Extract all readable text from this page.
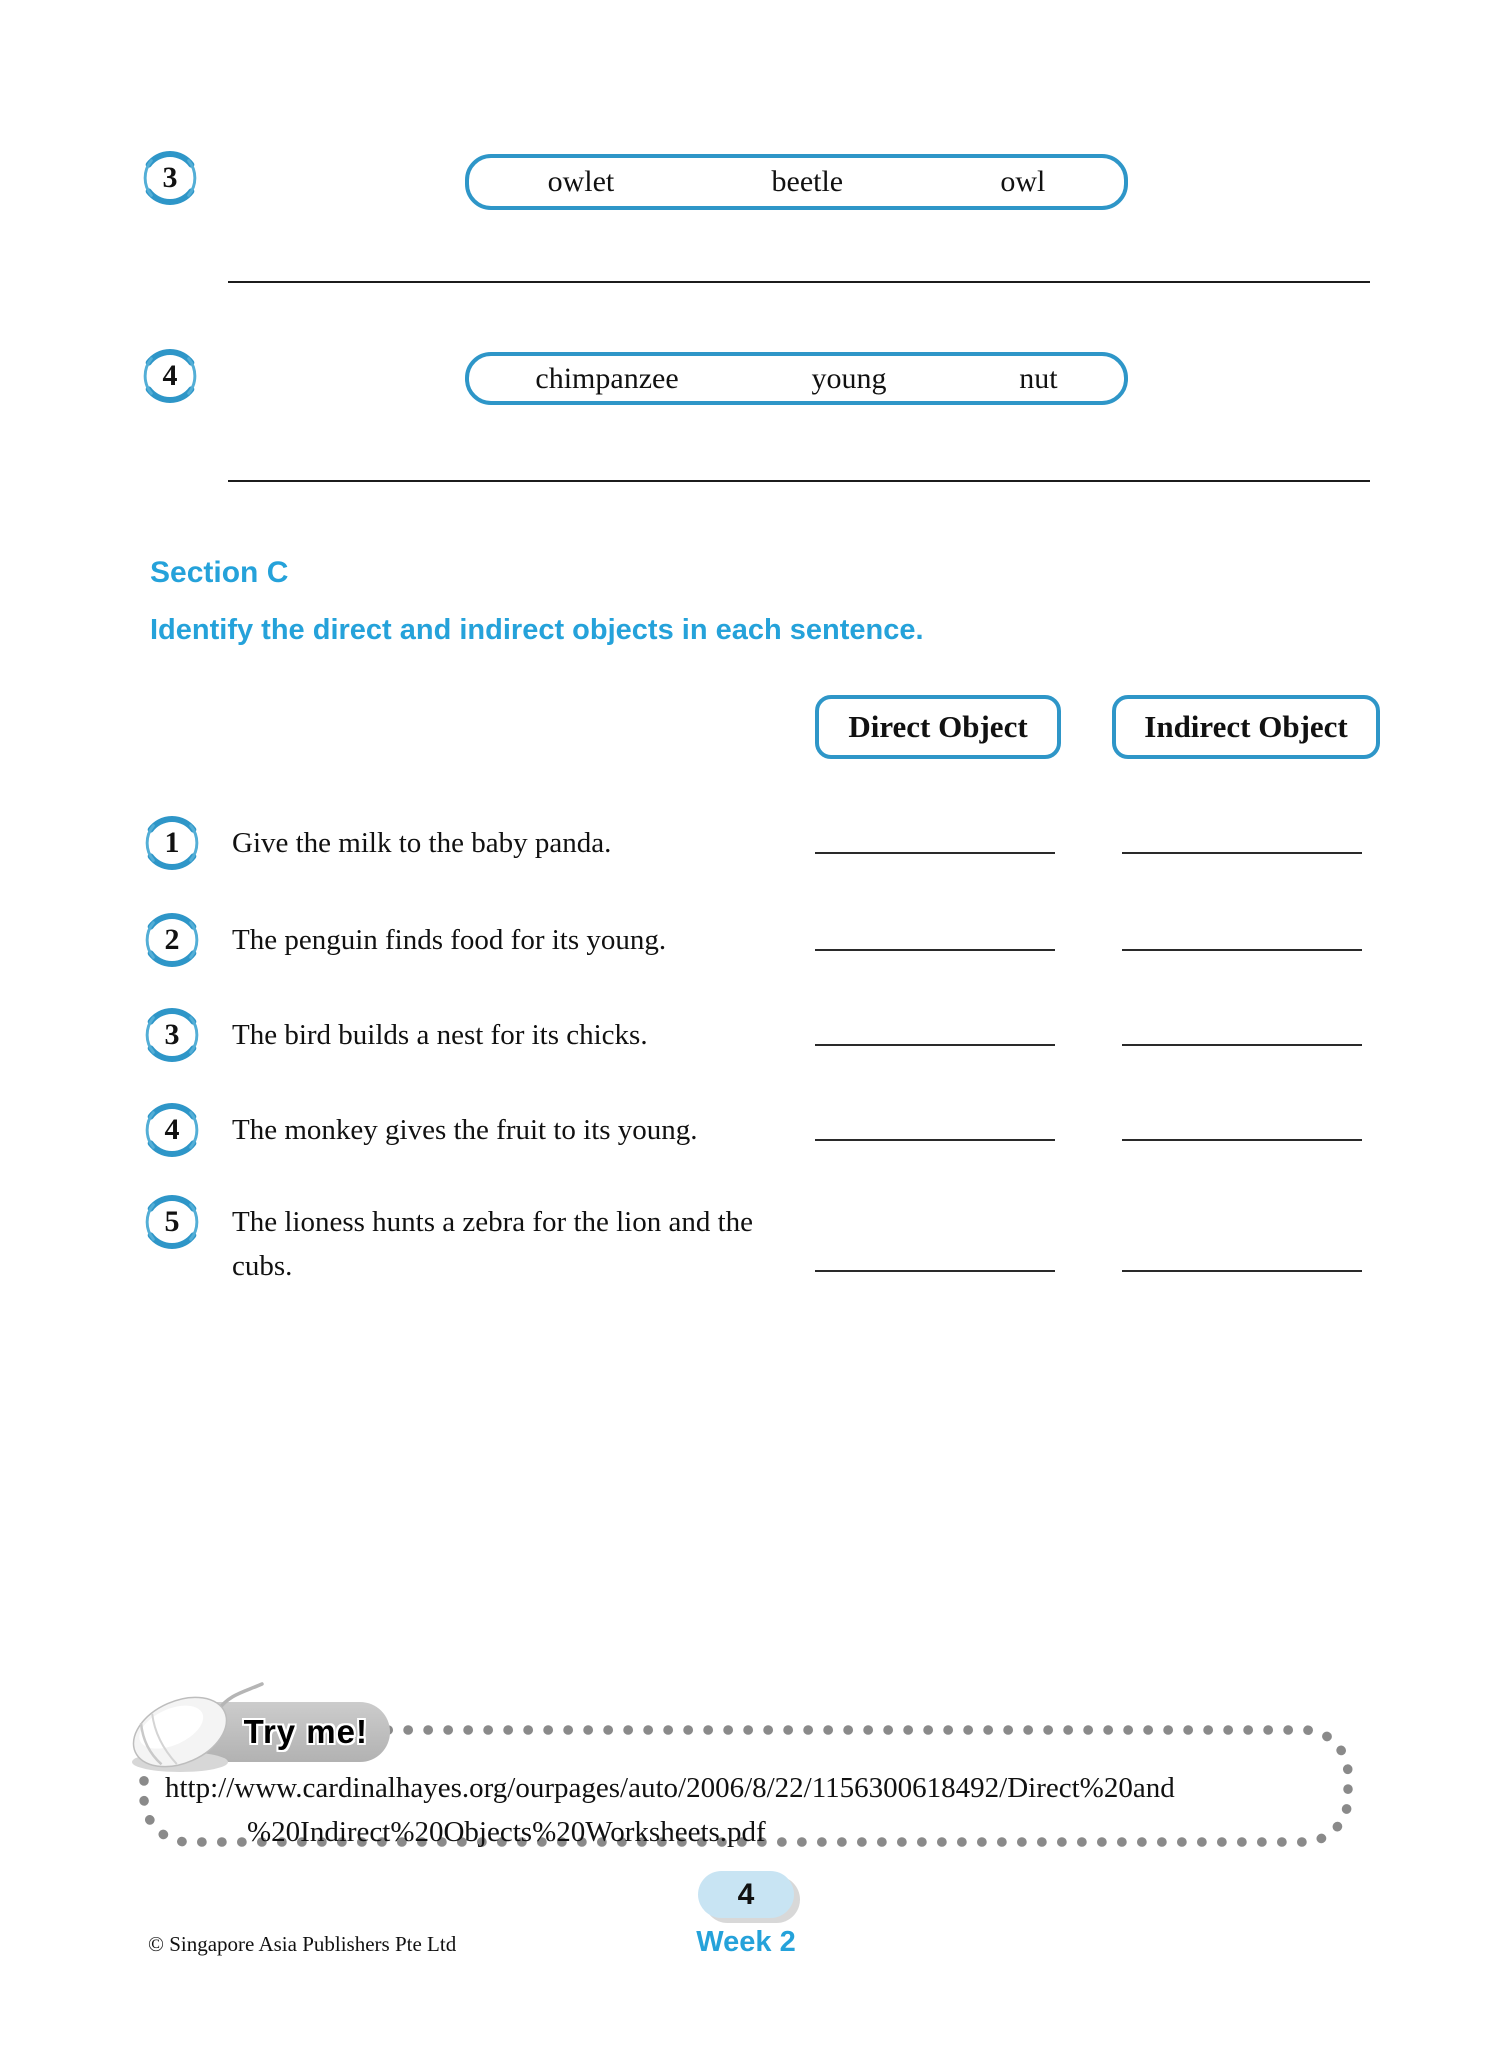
3	owlet	beetle	owl
4	chimpanzee	young	nut
Section C
Identify the direct and indirect objects in each sentence.
Direct Object	Indirect Object
1	Give the milk to the baby panda.
2	The penguin finds food for its young.
3	The bird builds a nest for its chicks.
4	The monkey gives the fruit to its young.
5	The lioness hunts a zebra for the lion and the cubs.
Try me!
http://www.cardinalhayes.org/ourpages/auto/2006/8/22/1156300618492/Direct%20and
%20Indirect%20Objects%20Worksheets.pdf
4
Week 2
© Singapore Asia Publishers Pte Ltd
